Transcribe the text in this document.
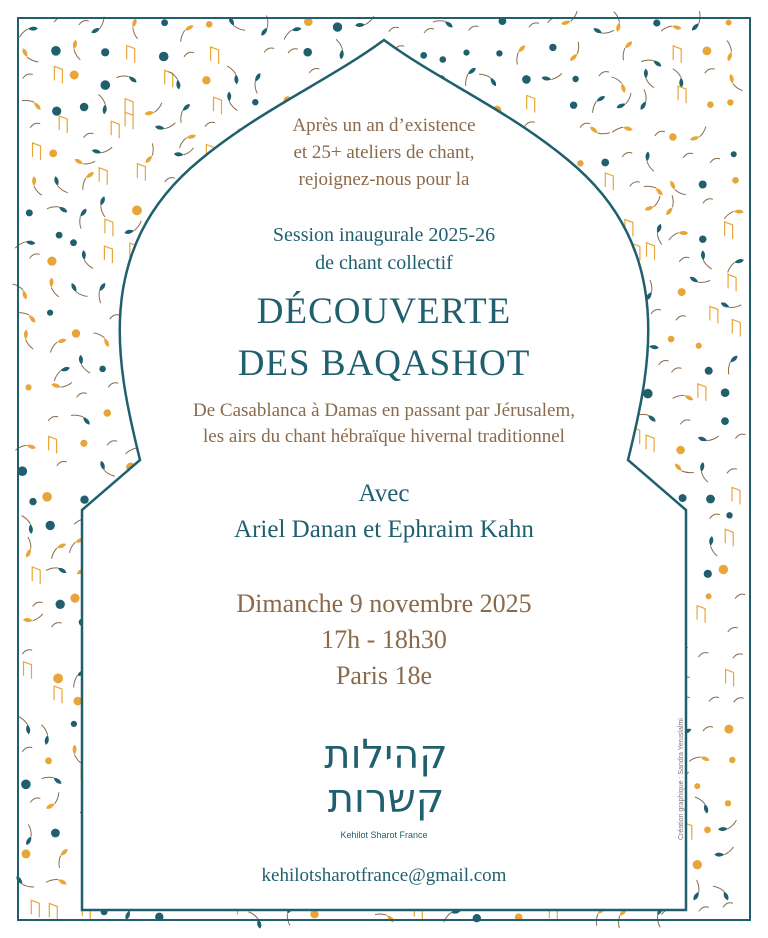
Après un an d’existence
et 25+ ateliers de chant,
rejoignez-nous pour la
Session inaugurale 2025-26
de chant collectif
DÉCOUVERTE
DES BAQASHOT
De Casablanca à Damas en passant par Jérusalem,
les airs du chant hébraïque hivernal traditionnel
Avec
Ariel Danan et Ephraim Kahn
Dimanche 9 novembre 2025
17h - 18h30
Paris 18e
קהילות
קשרות
Kehilot Sharot France
kehilotsharotfrance@gmail.com
Création graphique : Sandra Yeruslalmi
